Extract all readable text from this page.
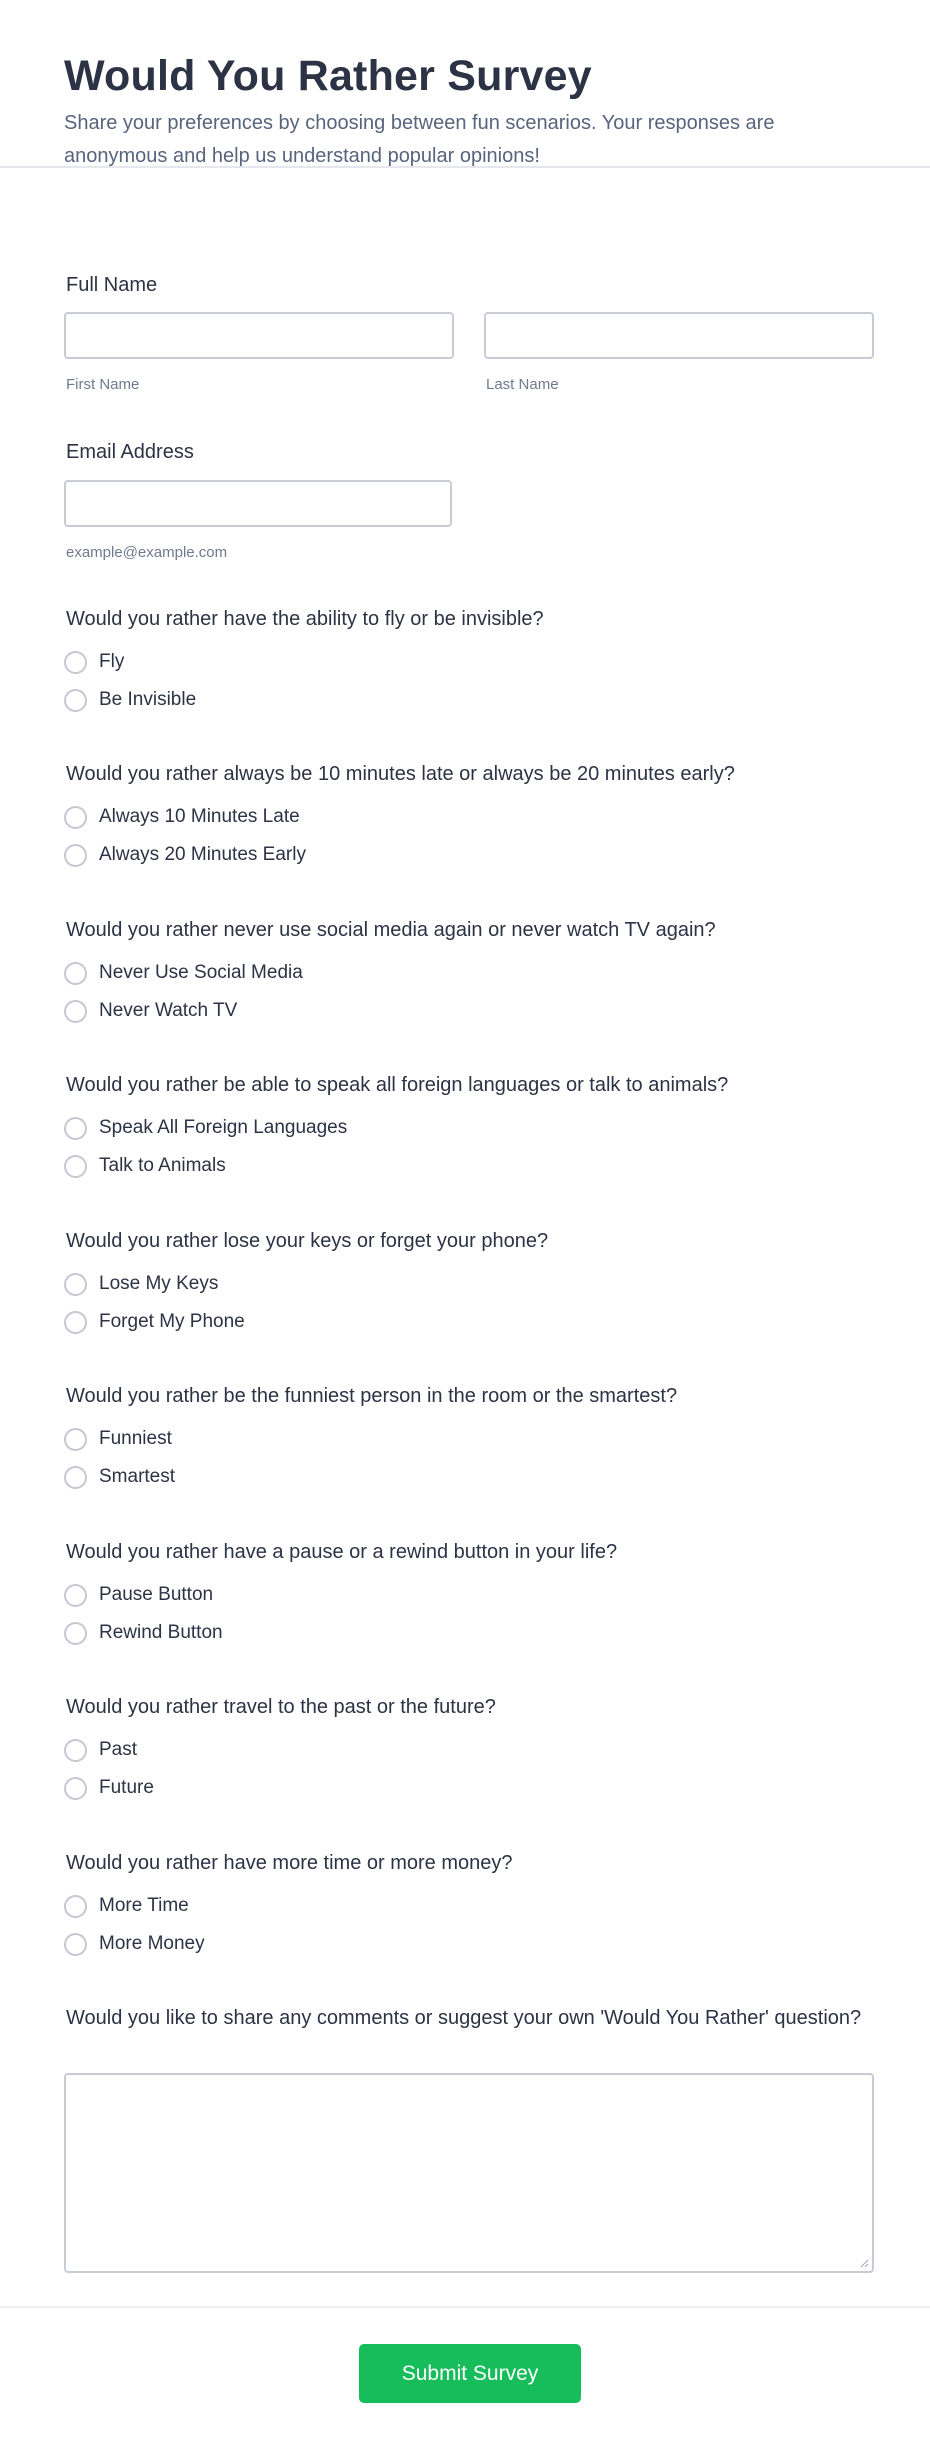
Would You Rather Survey
Share your preferences by choosing between fun scenarios. Your responses are anonymous and help us understand popular opinions!
Full Name
First Name	Last Name
Email Address
example@example.com
Would you rather have the ability to fly or be invisible?
Fly
Be Invisible
Would you rather always be 10 minutes late or always be 20 minutes early?
Always 10 Minutes Late
Always 20 Minutes Early
Would you rather never use social media again or never watch TV again?
Never Use Social Media
Never Watch TV
Would you rather be able to speak all foreign languages or talk to animals?
Speak All Foreign Languages
Talk to Animals
Would you rather lose your keys or forget your phone?
Lose My Keys
Forget My Phone
Would you rather be the funniest person in the room or the smartest?
Funniest
Smartest
Would you rather have a pause or a rewind button in your life?
Pause Button
Rewind Button
Would you rather travel to the past or the future?
Past
Future
Would you rather have more time or more money?
More Time
More Money
Would you like to share any comments or suggest your own 'Would You Rather' question?
Submit Survey
